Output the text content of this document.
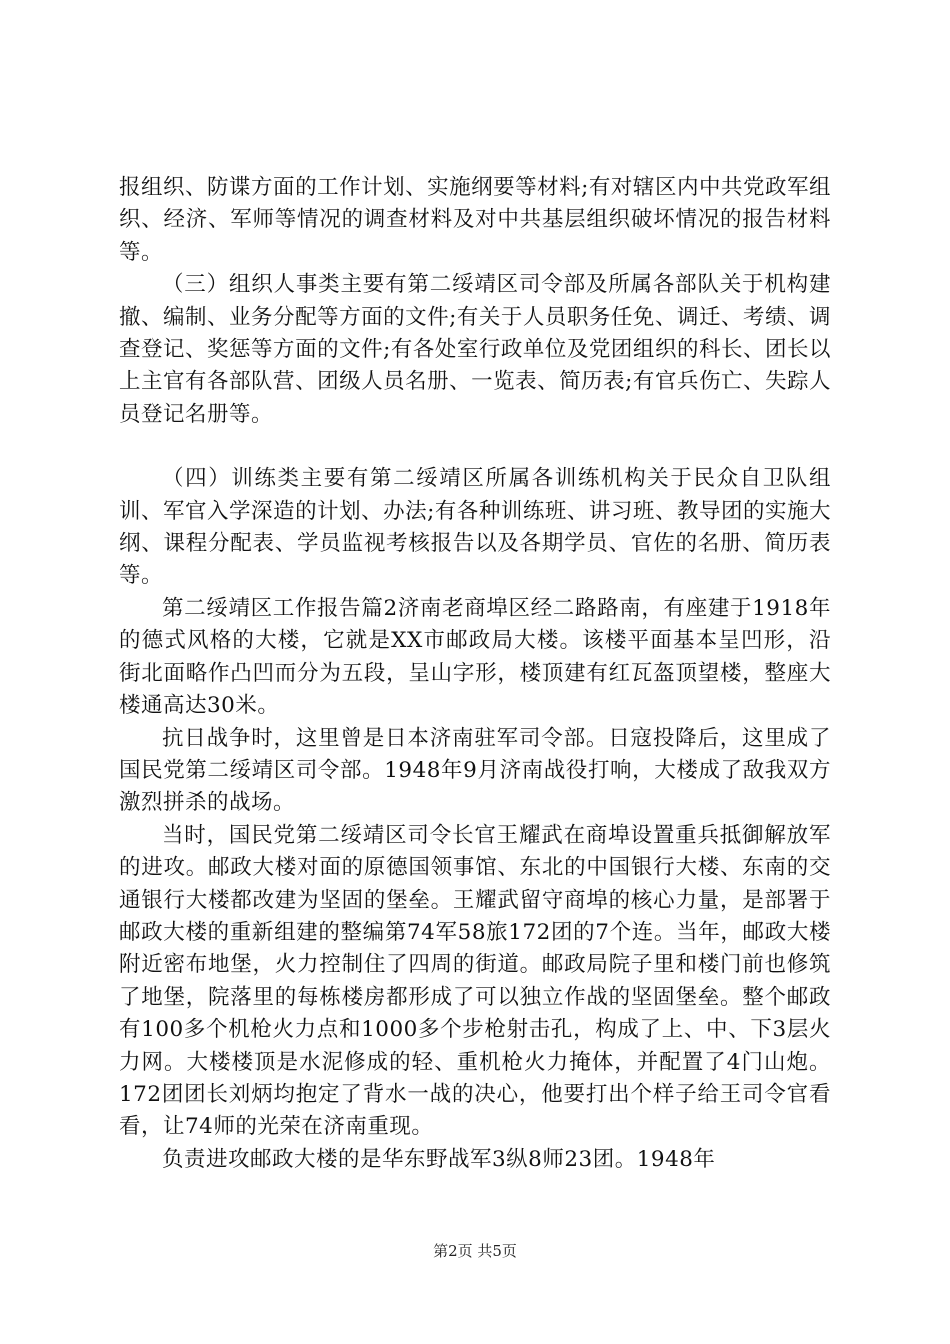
报组织、防谍方面的工作计划、实施纲要等材料;有对辖区内中共党政军组织、经济、军师等情况的调查材料及对中共基层组织破坏情况的报告材料等。

（三）组织人事类主要有第二绥靖区司令部及所属各部队关于机构建撤、编制、业务分配等方面的文件;有关于人员职务任免、调迁、考绩、调查登记、奖惩等方面的文件;有各处室行政单位及党团组织的科长、团长以上主官有各部队营、团级人员名册、一览表、简历表;有官兵伤亡、失踪人员登记名册等。

（四）训练类主要有第二绥靖区所属各训练机构关于民众自卫队组训、军官入学深造的计划、办法;有各种训练班、讲习班、教导团的实施大纲、课程分配表、学员监视考核报告以及各期学员、官佐的名册、简历表等。

第二绥靖区工作报告篇2济南老商埠区经二路路南，有座建于1918年的德式风格的大楼，它就是XX市邮政局大楼。该楼平面基本呈凹形，沿街北面略作凸凹而分为五段，呈山字形，楼顶建有红瓦盔顶望楼，整座大楼通高达30米。

抗日战争时，这里曾是日本济南驻军司令部。日寇投降后，这里成了国民党第二绥靖区司令部。1948年9月济南战役打响，大楼成了敌我双方激烈拼杀的战场。

当时，国民党第二绥靖区司令长官王耀武在商埠设置重兵抵御解放军的进攻。邮政大楼对面的原德国领事馆、东北的中国银行大楼、东南的交通银行大楼都改建为坚固的堡垒。王耀武留守商埠的核心力量，是部署于邮政大楼的重新组建的整编第74军58旅172团的7个连。当年，邮政大楼附近密布地堡，火力控制住了四周的街道。邮政局院子里和楼门前也修筑了地堡，院落里的每栋楼房都形成了可以独立作战的坚固堡垒。整个邮政有100多个机枪火力点和1000多个步枪射击孔，构成了上、中、下3层火力网。大楼楼顶是水泥修成的轻、重机枪火力掩体，并配置了4门山炮。172团团长刘炳均抱定了背水一战的决心，他要打出个样子给王司令官看看，让74师的光荣在济南重现。

负责进攻邮政大楼的是华东野战军3纵8师23团。1948年

第2页 共5页
